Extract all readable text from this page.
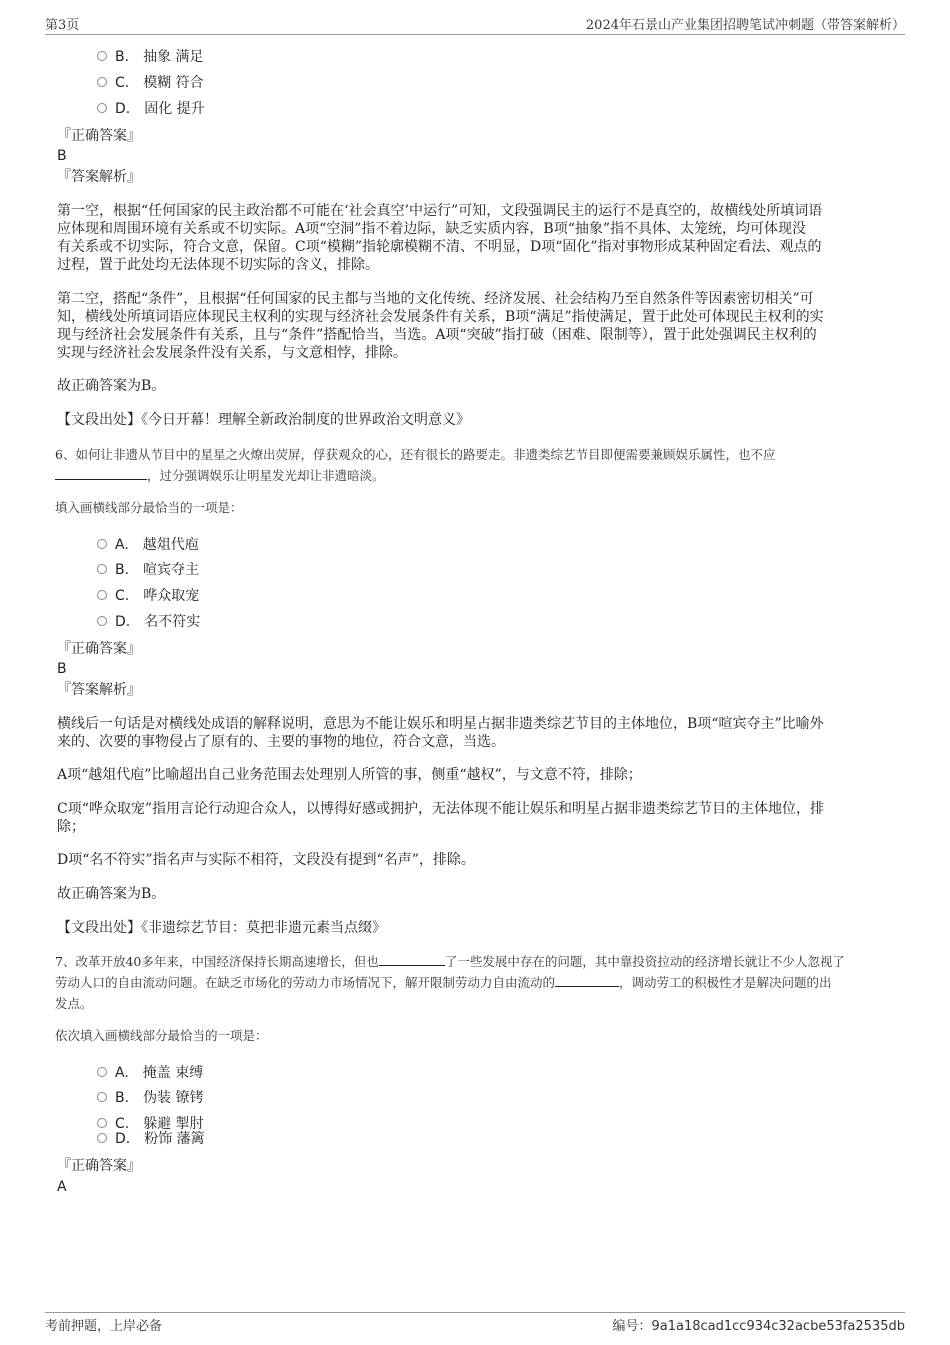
第3页	2024年石景山产业集团招聘笔试冲刺题（带答案解析）
B. 抽象 满足
C. 模糊 符合
D. 固化 提升
『正确答案』
B
『答案解析』
第一空，根据“任何国家的民主政治都不可能在‘社会真空’中运行”可知，文段强调民主的运行不是真空的，故横线处所填词语
应体现和周围环境有关系或不切实际。A项“空洞”指不着边际，缺乏实质内容，B项“抽象”指不具体、太笼统，均可体现没
有关系或不切实际，符合文意，保留。C项“模糊”指轮廓模糊不清、不明显，D项“固化”指对事物形成某种固定看法、观点的
过程，置于此处均无法体现不切实际的含义，排除。
第二空，搭配“条件”，且根据“任何国家的民主都与当地的文化传统、经济发展、社会结构乃至自然条件等因素密切相关”可
知，横线处所填词语应体现民主权利的实现与经济社会发展条件有关系，B项“满足”指使满足，置于此处可体现民主权利的实
现与经济社会发展条件有关系，且与“条件”搭配恰当，当选。A项“突破”指打破（困难、限制等），置于此处强调民主权利的
实现与经济社会发展条件没有关系，与文意相悖，排除。
故正确答案为B。
【文段出处】《今日开幕！理解全新政治制度的世界政治文明意义》
6、如何让非遗从节目中的星星之火燎出荧屏，俘获观众的心，还有很长的路要走。非遗类综艺节目即便需要兼顾娱乐属性，也不应
，过分强调娱乐让明星发光却让非遗暗淡。
填入画横线部分最恰当的一项是：
A. 越俎代庖
B. 喧宾夺主
C. 哗众取宠
D. 名不符实
『正确答案』
B
『答案解析』
横线后一句话是对横线处成语的解释说明，意思为不能让娱乐和明星占据非遗类综艺节目的主体地位，B项“喧宾夺主”比喻外
来的、次要的事物侵占了原有的、主要的事物的地位，符合文意，当选。
A项“越俎代庖”比喻超出自己业务范围去处理别人所管的事，侧重“越权”，与文意不符，排除；
C项“哗众取宠”指用言论行动迎合众人，以博得好感或拥护，无法体现不能让娱乐和明星占据非遗类综艺节目的主体地位，排
除；
D项“名不符实”指名声与实际不相符，文段没有提到“名声”，排除。
故正确答案为B。
【文段出处】《非遗综艺节目：莫把非遗元素当点缀》
7、改革开放40多年来，中国经济保持长期高速增长，但也	了一些发展中存在的问题，其中靠投资拉动的经济增长就让不少人忽视了
劳动人口的自由流动问题。在缺乏市场化的劳动力市场情况下，解开限制劳动力自由流动的	，调动劳工的积极性才是解决问题的出
发点。
依次填入画横线部分最恰当的一项是：
A. 掩盖 束缚
B. 伪装 镣铐
C. 躲避 掣肘
D. 粉饰 藩篱
『正确答案』
A
考前押题，上岸必备	编号：9a1a18cad1cc934c32acbe53fa2535db
